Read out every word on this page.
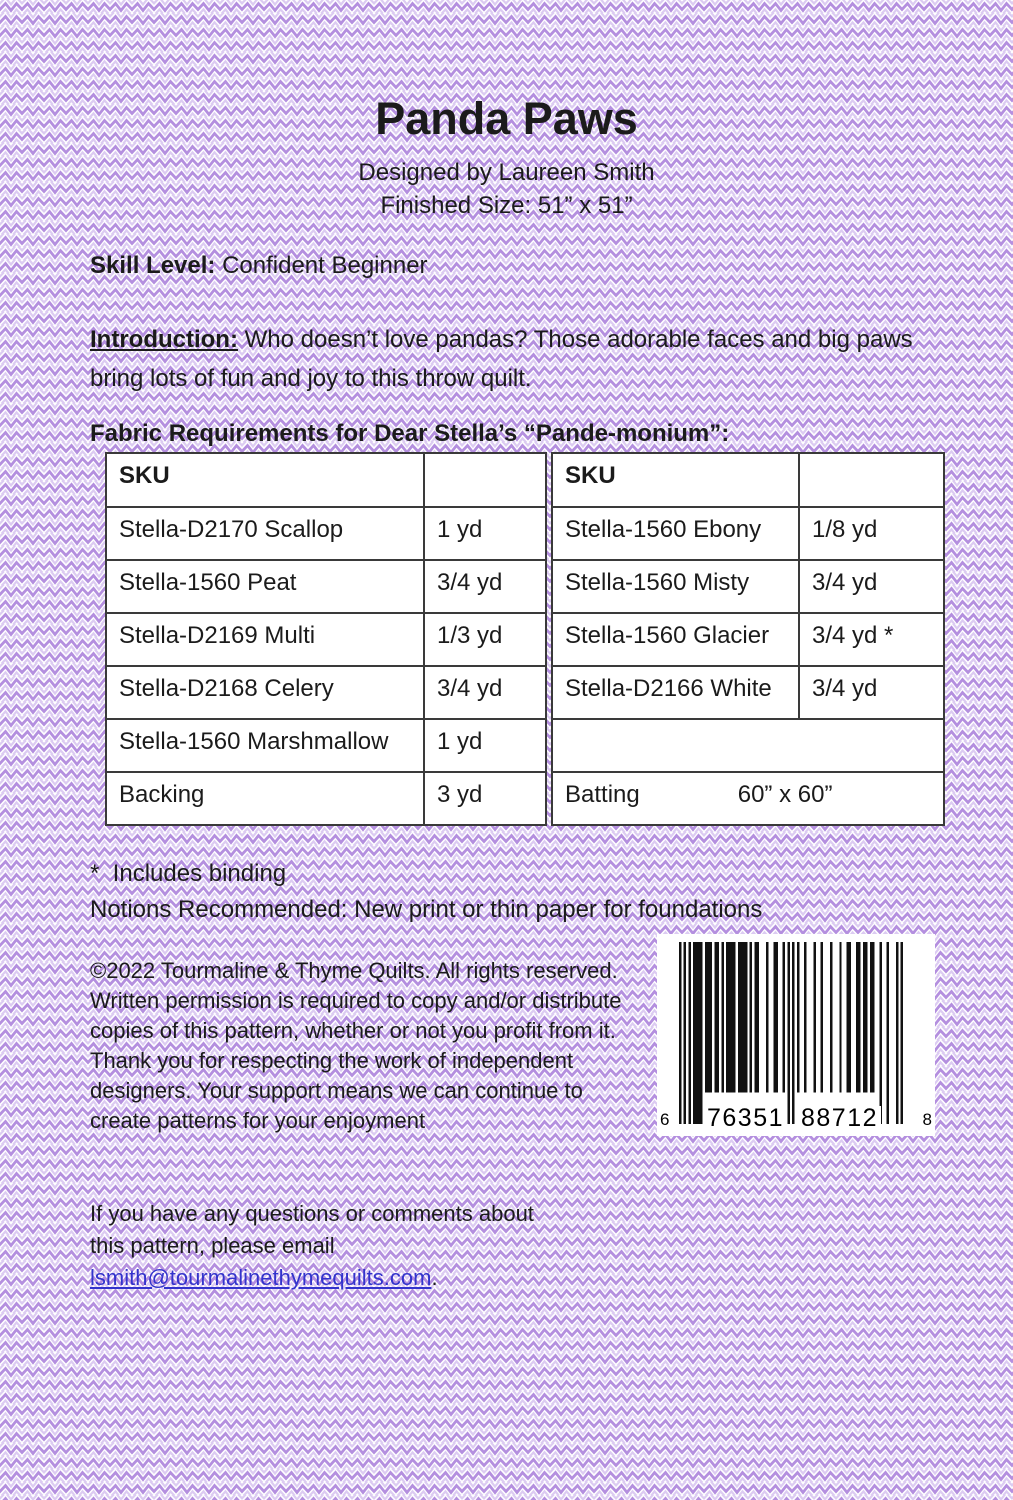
Panda Paws
Designed by Laureen Smith
Finished Size: 51” x 51”

Skill Level: Confident Beginner

Introduction: Who doesn’t love pandas? Those adorable faces and big paws bring lots of fun and joy to this throw quilt.

Fabric Requirements for Dear Stella’s “Pande-monium”:
SKU	
Stella-D2170 Scallop	1 yd
Stella-1560 Peat	3/4 yd
Stella-D2169 Multi	1/3 yd
Stella-D2168 Celery	3/4 yd
Stella-1560 Marshmallow	1 yd
Backing	3 yd
SKU	
Stella-1560 Ebony	1/8 yd
Stella-1560 Misty	3/4 yd
Stella-1560 Glacier	3/4 yd *
Stella-D2166 White	3/4 yd

Batting 60” x 60”	

*  Includes binding

Notions Recommended: New print or thin paper for foundations

©2022 Tourmaline & Thyme Quilts. All rights reserved. Written permission is required to copy and/or distribute copies of this pattern, whether or not you profit from it. Thank you for respecting the work of independent designers. Your support means we can continue to create patterns for your enjoyment

If you have any questions or comments about this pattern, please email lsmith@tourmalinethymequilts.com.

6 76351 88712	8
